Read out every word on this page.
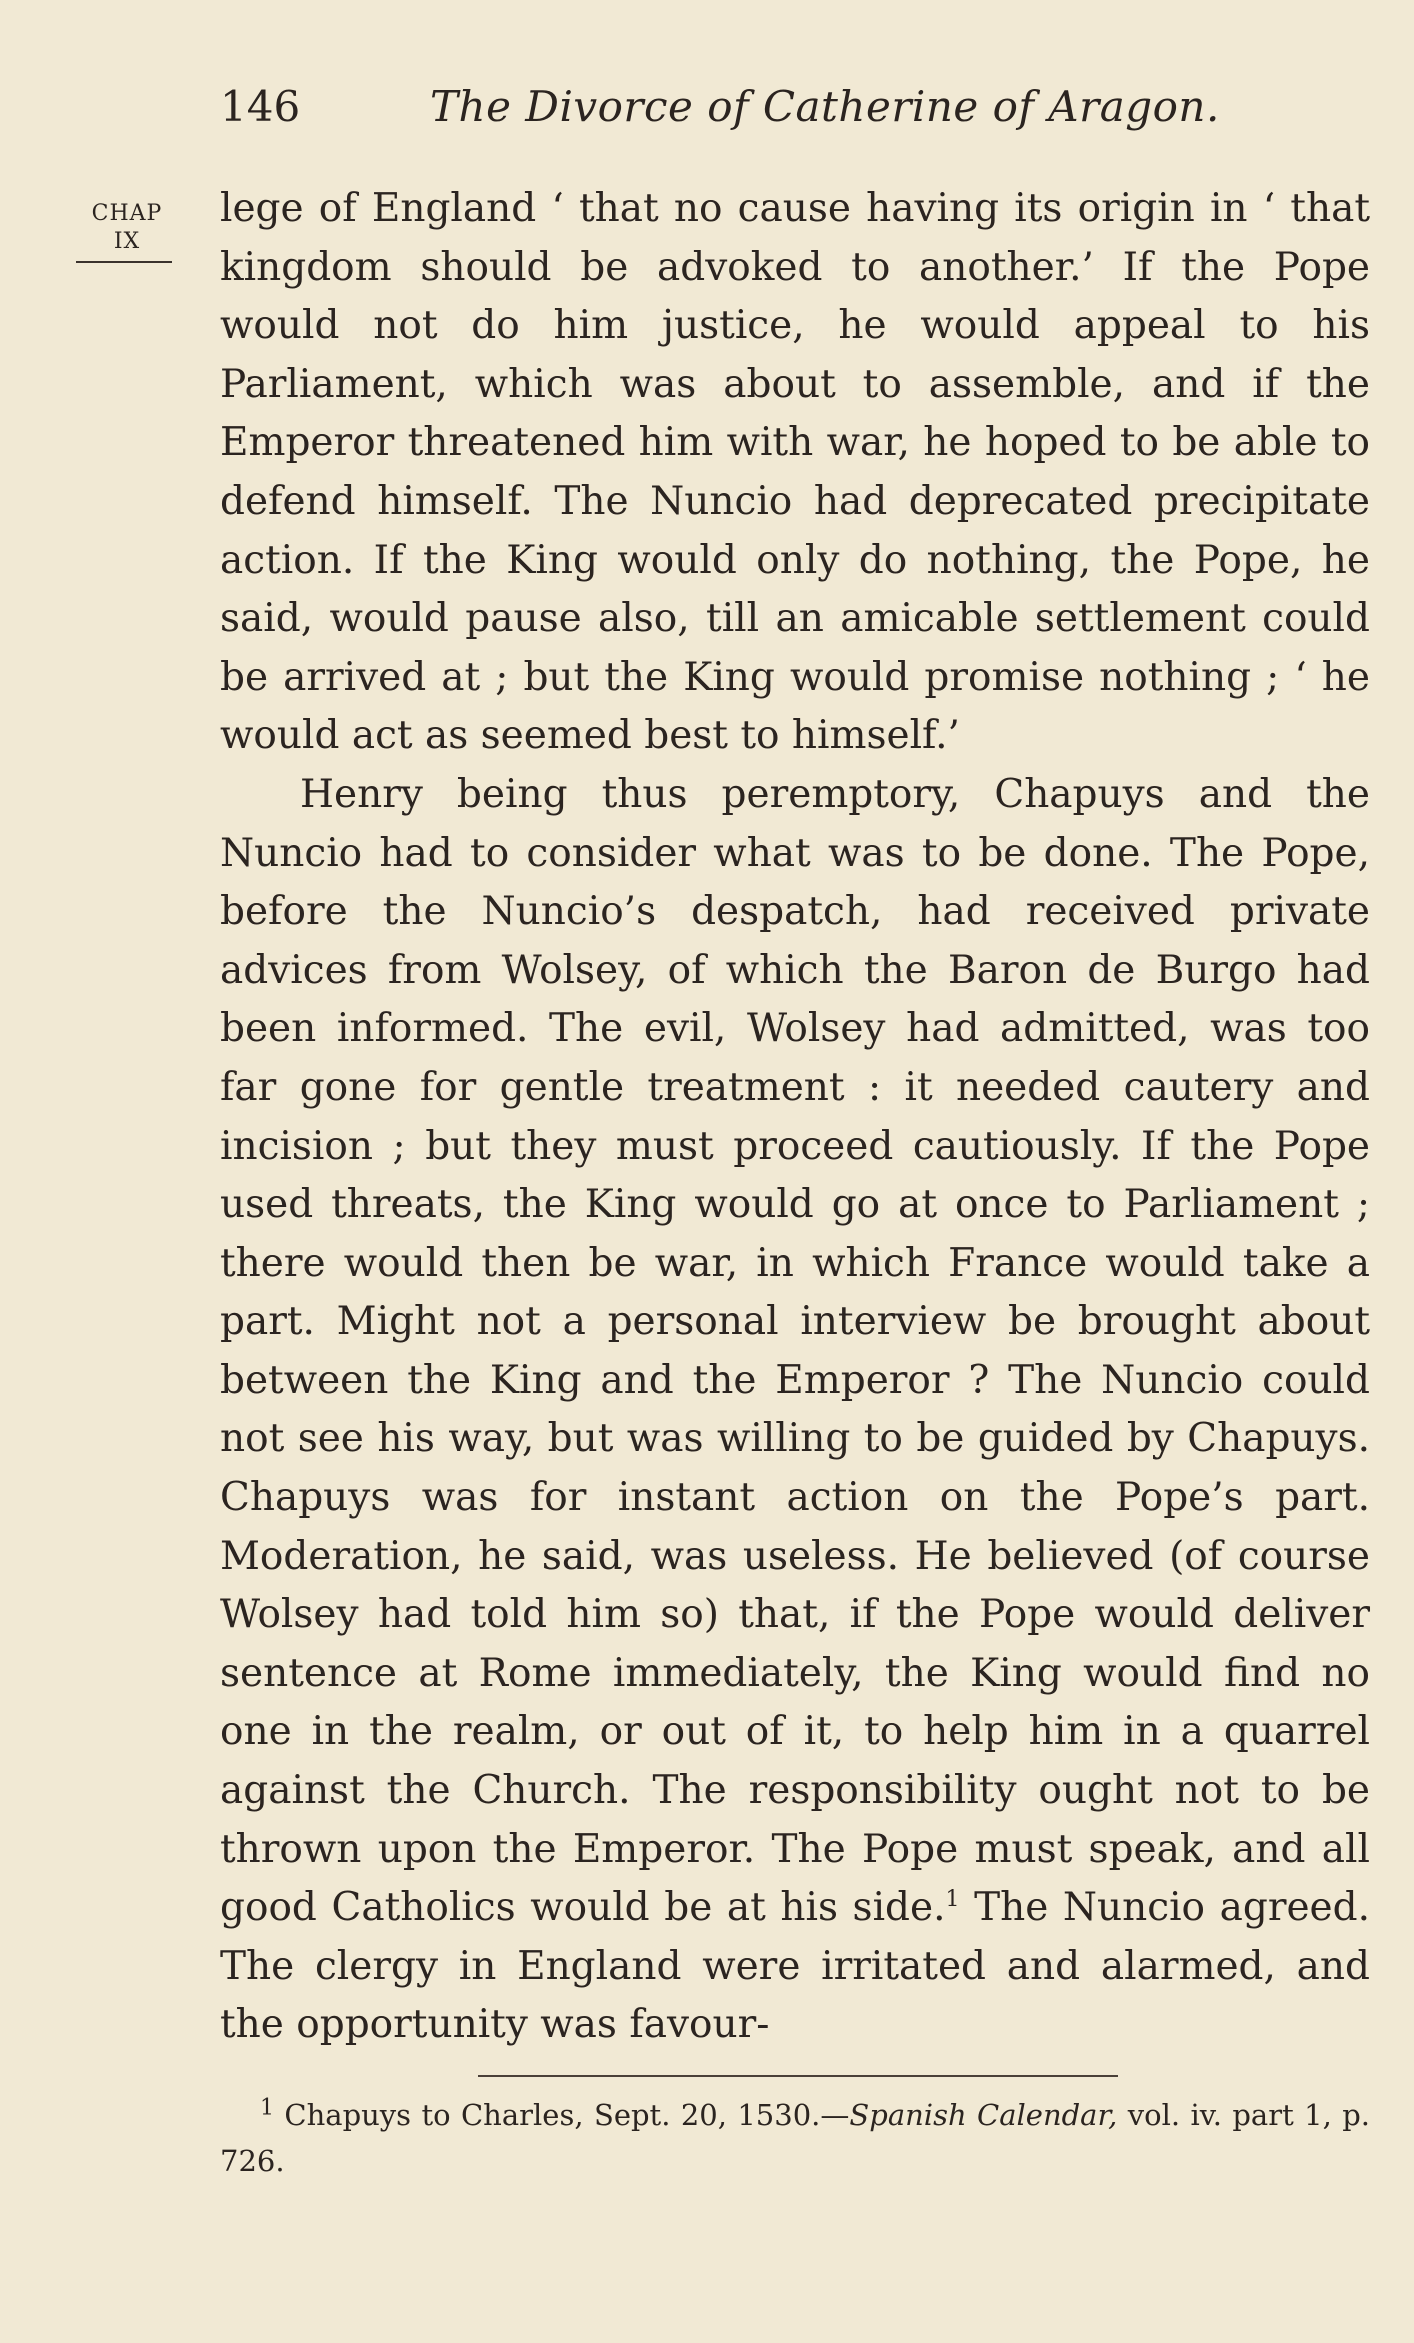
146	The Divorce of Catherine of Aragon.
CHAP
IX

lege of England ‘ that no cause having its origin in ‘ that kingdom should be advoked to another.’ If the Pope would not do him justice, he would appeal to his Parliament, which was about to assemble, and if the Emperor threatened him with war, he hoped to be able to defend himself. The Nuncio had deprecated precipitate action. If the King would only do nothing, the Pope, he said, would pause also, till an amicable settlement could be arrived at ; but the King would promise nothing ; ‘ he would act as seemed best to himself.’

Henry being thus peremptory, Chapuys and the Nuncio had to consider what was to be done. The Pope, before the Nuncio’s despatch, had received private advices from Wolsey, of which the Baron de Burgo had been informed. The evil, Wolsey had admitted, was too far gone for gentle treatment : it needed cautery and incision ; but they must proceed cautiously. If the Pope used threats, the King would go at once to Parliament ; there would then be war, in which France would take a part. Might not a personal interview be brought about between the King and the Emperor ? The Nuncio could not see his way, but was willing to be guided by Chapuys. Chapuys was for instant action on the Pope’s part. Moderation, he said, was useless. He believed (of course Wolsey had told him so) that, if the Pope would deliver sentence at Rome immediately, the King would find no one in the realm, or out of it, to help him in a quarrel against the Church. The responsibility ought not to be thrown upon the Emperor. The Pope must speak, and all good Catholics would be at his side.$^1$ The Nuncio agreed. The clergy in England were irritated and alarmed, and the opportunity was favour-

$^1$ Chapuys to Charles, Sept. 20, 1530.—Spanish Calendar, vol. iv. part 1, p. 726.
